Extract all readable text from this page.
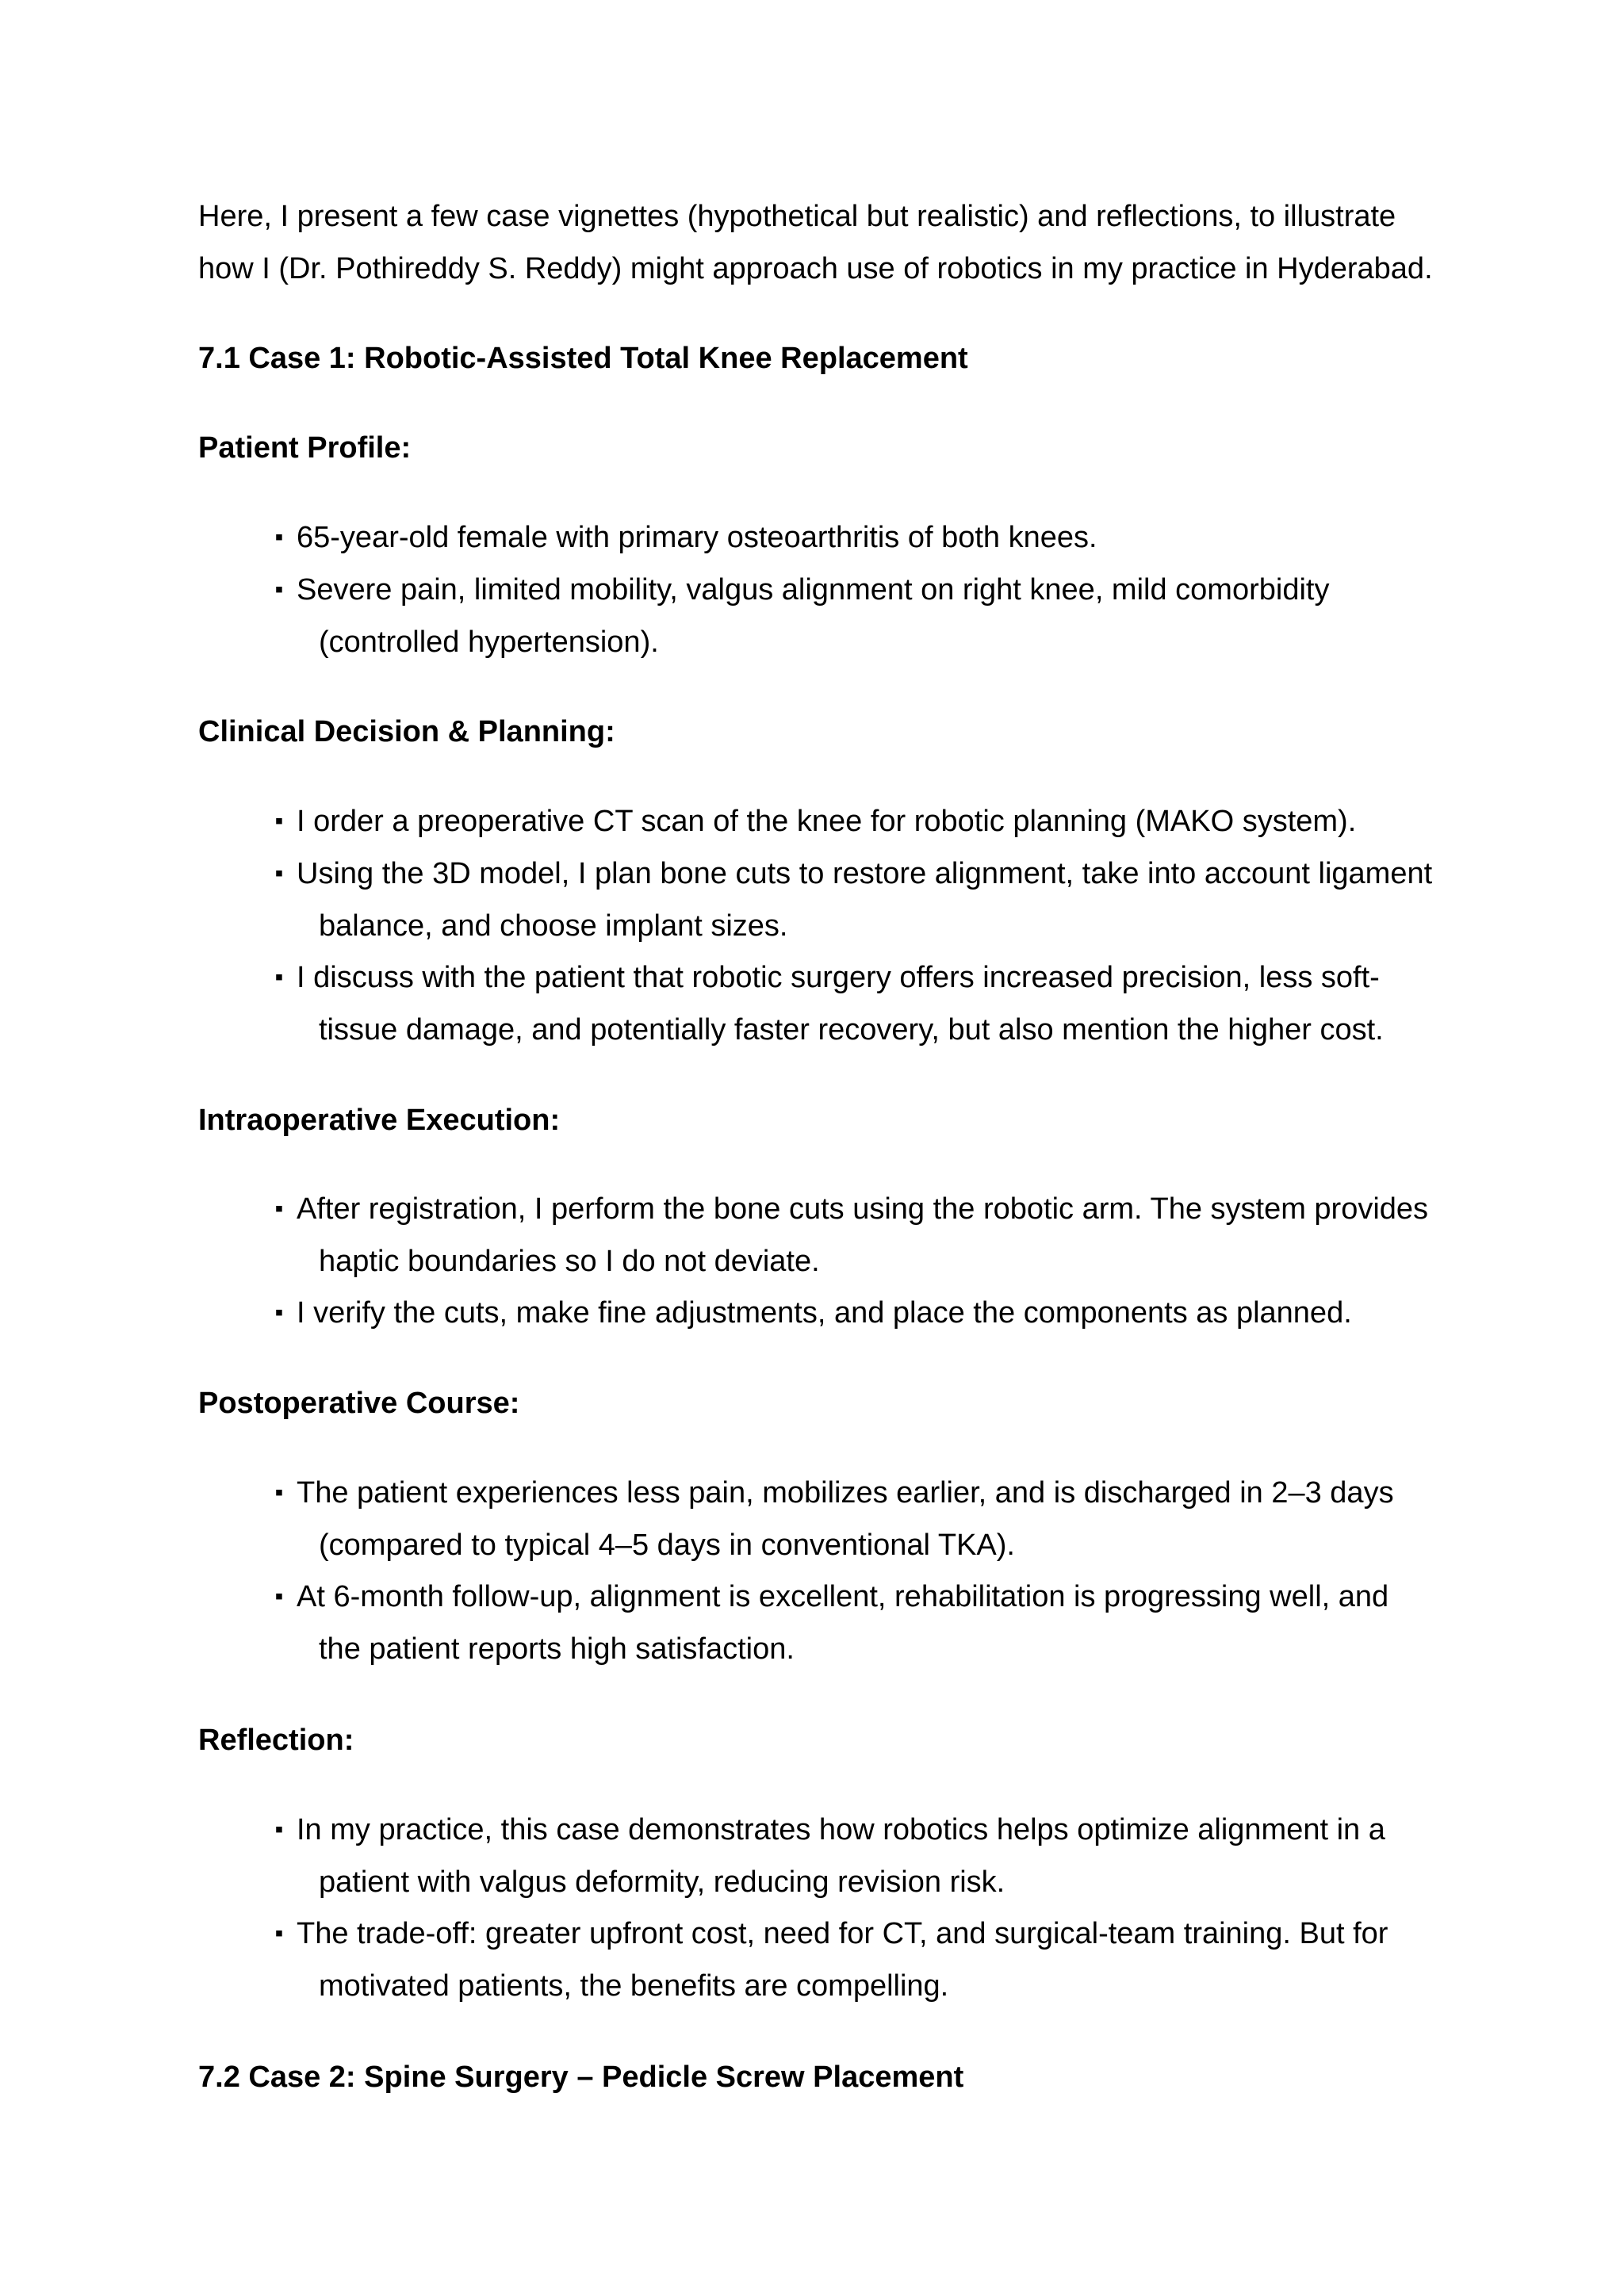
Here, I present a few case vignettes (hypothetical but realistic) and reflections, to illustrate
how I (Dr. Pothireddy S. Reddy) might approach use of robotics in my practice in Hyderabad.
7.1 Case 1: Robotic-Assisted Total Knee Replacement
Patient Profile:
▪ 65-year-old female with primary osteoarthritis of both knees.
▪ Severe pain, limited mobility, valgus alignment on right knee, mild comorbidity
(controlled hypertension).
Clinical Decision & Planning:
▪ I order a preoperative CT scan of the knee for robotic planning (MAKO system).
▪ Using the 3D model, I plan bone cuts to restore alignment, take into account ligament
balance, and choose implant sizes.
▪ I discuss with the patient that robotic surgery offers increased precision, less soft-
tissue damage, and potentially faster recovery, but also mention the higher cost.
Intraoperative Execution:
▪ After registration, I perform the bone cuts using the robotic arm. The system provides
haptic boundaries so I do not deviate.
▪ I verify the cuts, make fine adjustments, and place the components as planned.
Postoperative Course:
▪ The patient experiences less pain, mobilizes earlier, and is discharged in 2–3 days
(compared to typical 4–5 days in conventional TKA).
▪ At 6-month follow-up, alignment is excellent, rehabilitation is progressing well, and
the patient reports high satisfaction.
Reflection:
▪ In my practice, this case demonstrates how robotics helps optimize alignment in a
patient with valgus deformity, reducing revision risk.
▪ The trade-off: greater upfront cost, need for CT, and surgical-team training. But for
motivated patients, the benefits are compelling.
7.2 Case 2: Spine Surgery – Pedicle Screw Placement
